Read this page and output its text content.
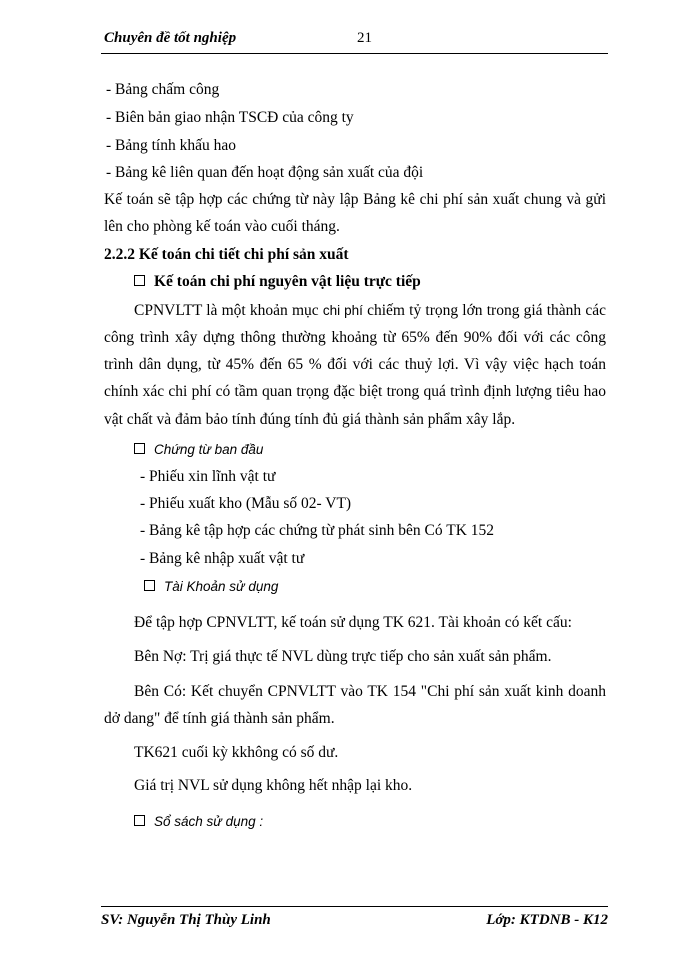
Chuyên đề tốt nghiệp	21
- Bảng chấm công
- Biên bản giao nhận TSCĐ của công ty
- Bảng tính khấu hao
- Bảng kê liên quan đến hoạt động sản xuất của đội
Kế toán sẽ tập hợp các chứng từ này lập Bảng kê chi phí sản xuất chung và gửi
lên cho phòng kế toán vào cuối tháng.
2.2.2 Kế toán chi tiết chi phí sản xuất
Kế toán chi phí nguyên vật liệu trực tiếp
CPNVLTT là một khoản mục chi phí chiếm tỷ trọng lớn trong giá thành các
công trình xây dựng thông thường khoảng từ 65% đến 90% đối với các công
trình dân dụng, từ 45% đến 65 % đối với các thuỷ lợi. Vì vậy việc hạch toán
chính xác chi phí có tầm quan trọng đặc biệt trong quá trình định lượng tiêu hao
vật chất và đảm bảo tính đúng tính đủ giá thành sản phẩm xây lắp.
Chứng từ ban đầu
- Phiếu xin lĩnh vật tư
- Phiếu xuất kho (Mẫu số 02- VT)
- Bảng kê tập hợp các chứng từ phát sinh bên Có TK 152
- Bảng kê nhập xuất vật tư
Tài Khoản sử dụng
Để tập hợp CPNVLTT, kế toán sử dụng TK 621. Tài khoản có kết cấu:
Bên Nợ: Trị giá thực tế NVL dùng trực tiếp cho sản xuất sản phẩm.
Bên Có: Kết chuyển CPNVLTT vào TK 154 "Chi phí sản xuất kinh doanh
dở dang" để tính giá thành sản phẩm.
TK621 cuối kỳ kkhông có số dư.
Giá trị NVL sử dụng không hết nhập lại kho.
Sổ sách sử dụng :
SV: Nguyễn Thị Thùy Linh	Lớp: KTDNB - K12
